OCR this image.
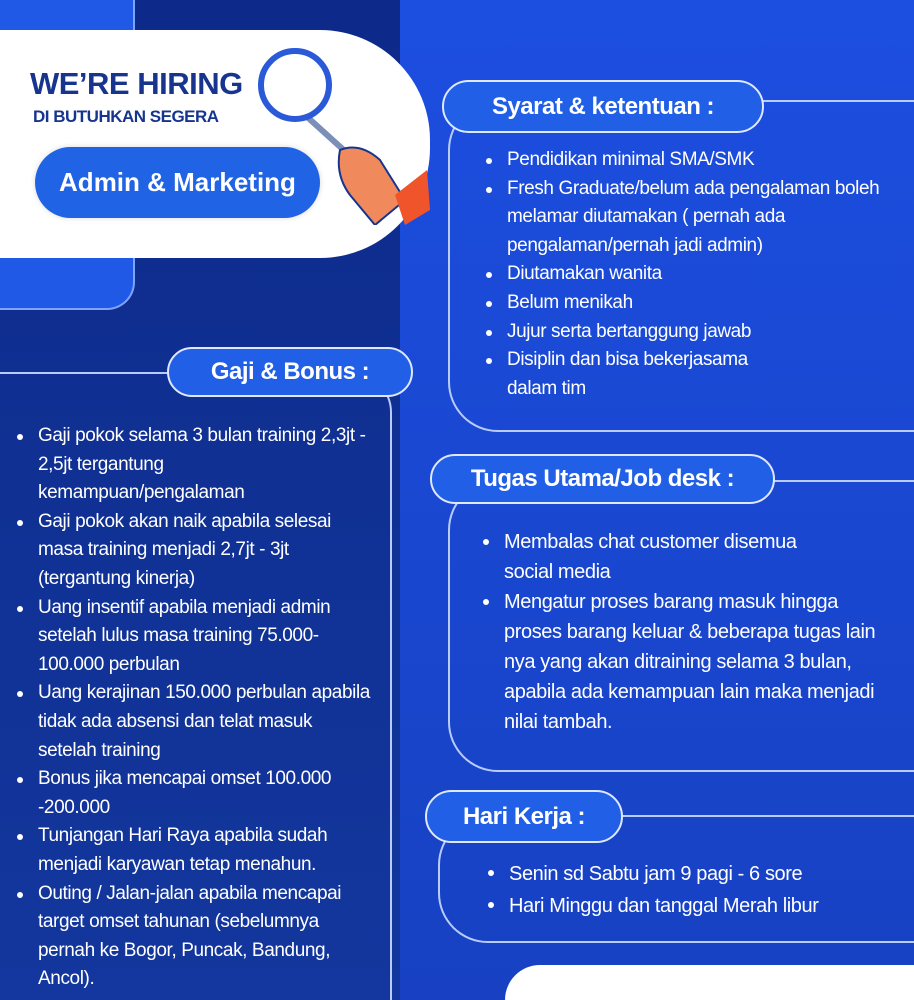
WE’RE HIRING
DI BUTUHKAN SEGERA
Admin & Marketing
Gaji & Bonus :
Gaji pokok selama 3 bulan training 2,3jt - 2,5jt tergantung kemampuan/pengalaman
Gaji pokok akan naik apabila selesai masa training menjadi 2,7jt - 3jt (tergantung kinerja)
Uang insentif apabila menjadi admin setelah lulus masa training 75.000-100.000 perbulan
Uang kerajinan 150.000 perbulan apabila tidak ada absensi dan telat masuk setelah training
Bonus jika mencapai omset 100.000 -200.000
Tunjangan Hari Raya apabila sudah menjadi karyawan tetap menahun.
Outing / Jalan-jalan apabila mencapai target omset tahunan (sebelumnya pernah ke Bogor, Puncak, Bandung, Ancol).
Syarat & ketentuan :
Pendidikan minimal SMA/SMK
Fresh Graduate/belum ada pengalaman boleh melamar diutamakan ( pernah ada pengalaman/pernah jadi admin)
Diutamakan wanita
Belum menikah
Jujur serta bertanggung jawab
Disiplin dan bisa bekerjasama dalam tim
Tugas Utama/Job desk :
Membalas chat customer disemua social media
Mengatur proses barang masuk hingga proses barang keluar & beberapa tugas lain nya yang akan ditraining selama 3 bulan, apabila ada kemampuan lain maka menjadi nilai tambah.
Hari Kerja :
Senin sd Sabtu jam 9 pagi - 6 sore
Hari Minggu dan tanggal Merah libur
